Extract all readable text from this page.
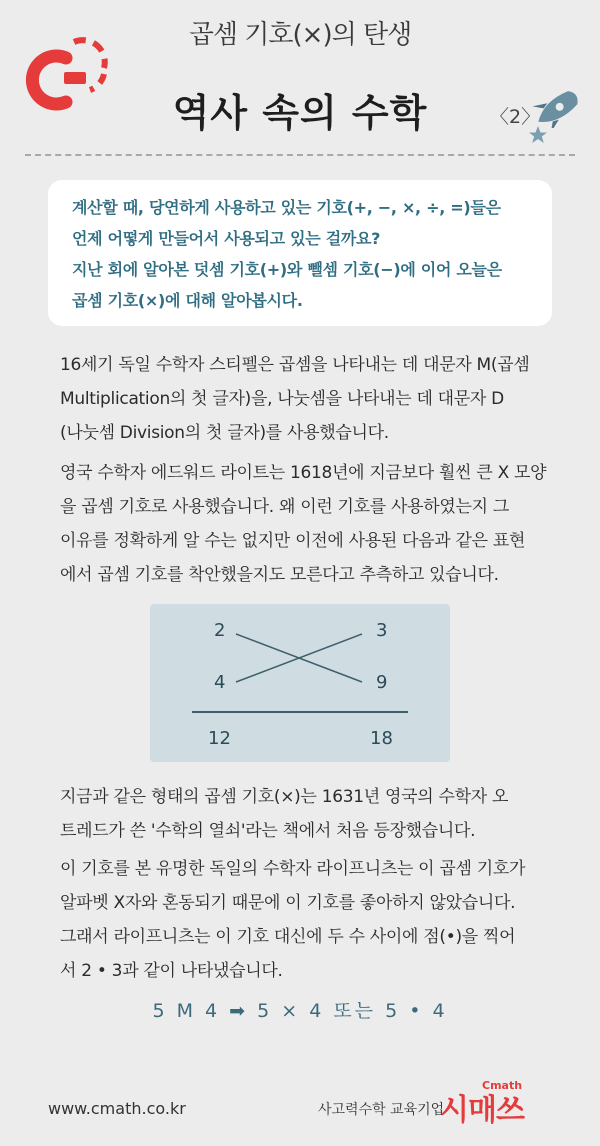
곱셈 기호(×)의 탄생
역사 속의 수학	〈2〉
계산할 때, 당연하게 사용하고 있는 기호(+, −, ×, ÷, =)들은
언제 어떻게 만들어서 사용되고 있는 걸까요?
지난 회에 알아본 덧셈 기호(+)와 뺄셈 기호(−)에 이어 오늘은
곱셈 기호(×)에 대해 알아봅시다.
16세기 독일 수학자 스티펠은 곱셈을 나타내는 데 대문자 M(곱셈
Multiplication의 첫 글자)을, 나눗셈을 나타내는 데 대문자 D
(나눗셈 Division의 첫 글자)를 사용했습니다.
영국 수학자 에드워드 라이트는 1618년에 지금보다 훨씬 큰 X 모양
을 곱셈 기호로 사용했습니다. 왜 이런 기호를 사용하였는지 그
이유를 정확하게 알 수는 없지만 이전에 사용된 다음과 같은 표현
에서 곱셈 기호를 착안했을지도 모른다고 추측하고 있습니다.
2	3
4	9
12	18
지금과 같은 형태의 곱셈 기호(×)는 1631년 영국의 수학자 오
트레드가 쓴 '수학의 열쇠'라는 책에서 처음 등장했습니다.
이 기호를 본 유명한 독일의 수학자 라이프니츠는 이 곱셈 기호가
알파벳 X자와 혼동되기 때문에 이 기호를 좋아하지 않았습니다.
그래서 라이프니츠는 이 기호 대신에 두 수 사이에 점(•)을 찍어
서 2 • 3과 같이 나타냈습니다.
5 M 4 ➡ 5 × 4 또는 5 • 4
www.cmath.co.kr	사고력수학 교육기업
Cmath
시매쓰
